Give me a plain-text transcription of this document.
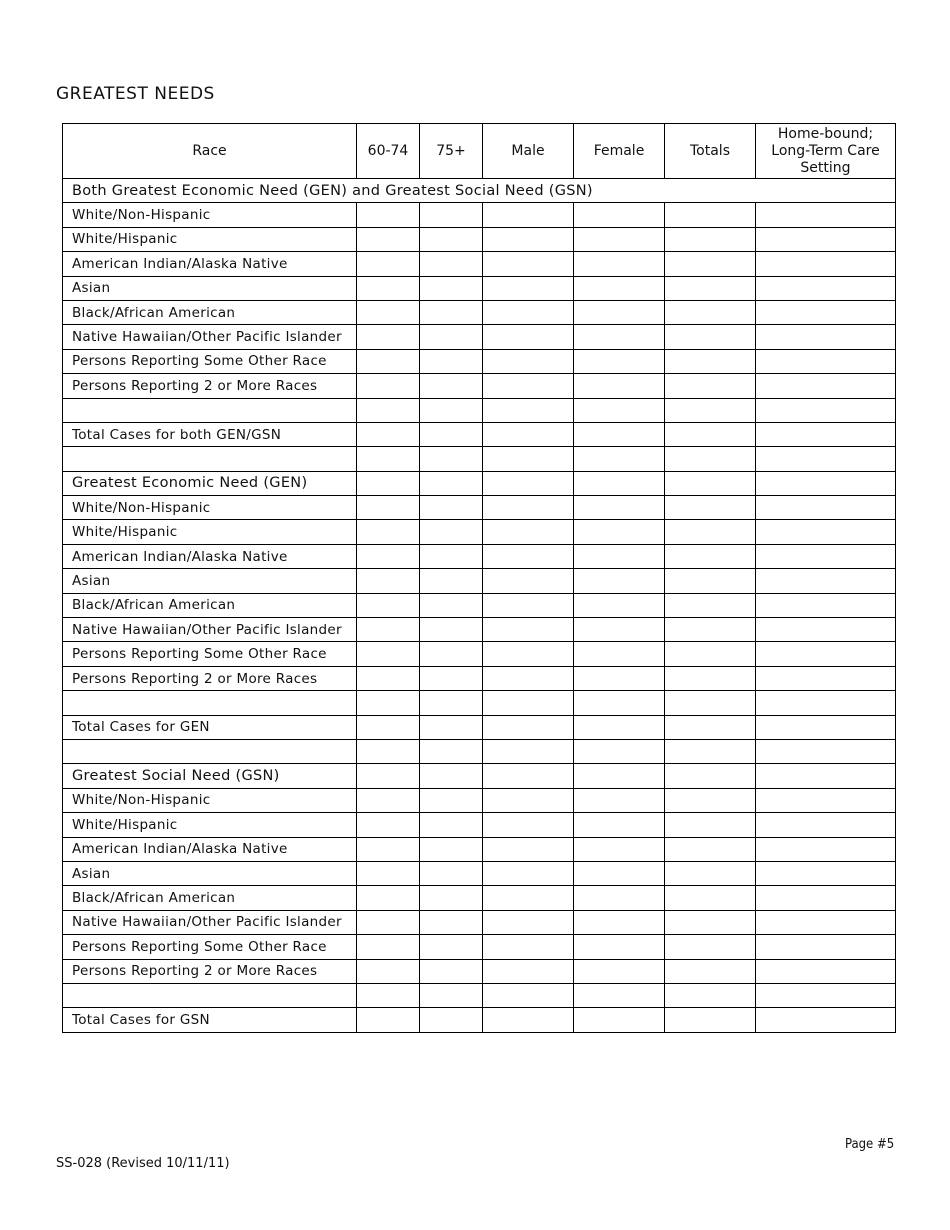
GREATEST NEEDS
Race	60-74	75+	Male	Female	Totals	Home-bound; Long-Term Care Setting
Both Greatest Economic Need (GEN) and Greatest Social Need (GSN)						
White/Non-Hispanic						
White/Hispanic						
American Indian/Alaska Native						
Asian						
Black/African American						
Native Hawaiian/Other Pacific Islander						
Persons Reporting Some Other Race						
Persons Reporting 2 or More Races						

Total Cases for both GEN/GSN						

Greatest Economic Need (GEN)						
White/Non-Hispanic						
White/Hispanic						
American Indian/Alaska Native						
Asian						
Black/African American						
Native Hawaiian/Other Pacific Islander						
Persons Reporting Some Other Race						
Persons Reporting 2 or More Races						

Total Cases for GEN						

Greatest Social Need (GSN)						
White/Non-Hispanic						
White/Hispanic						
American Indian/Alaska Native						
Asian						
Black/African American						
Native Hawaiian/Other Pacific Islander						
Persons Reporting Some Other Race						
Persons Reporting 2 or More Races						

Total Cases for GSN						
Page #5
SS-028 (Revised 10/11/11)
